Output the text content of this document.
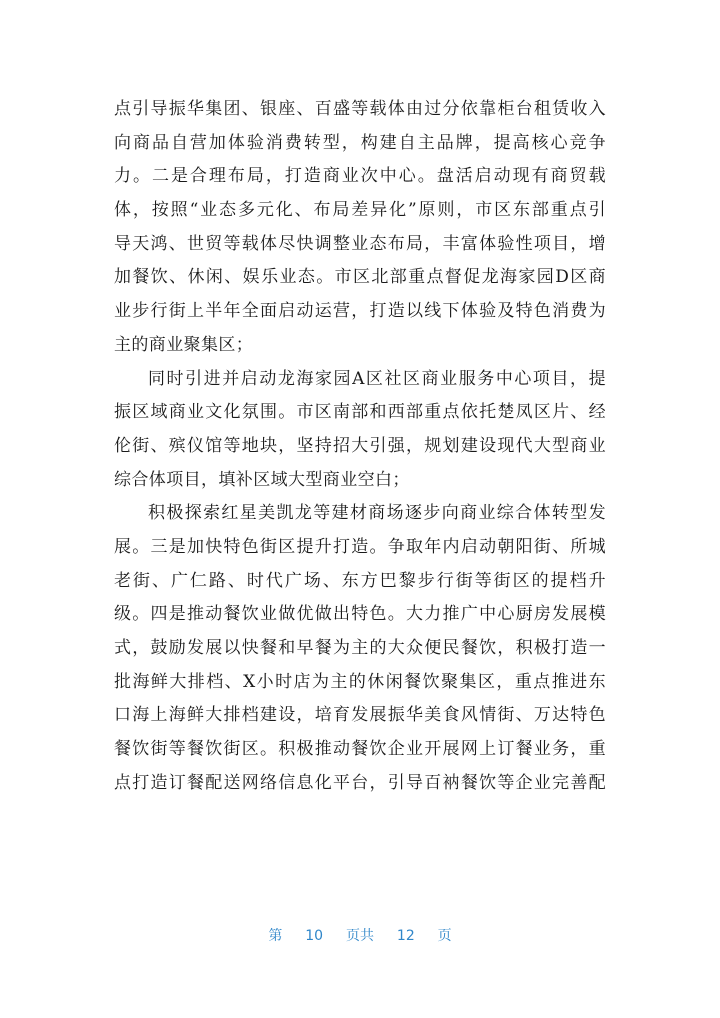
点引导振华集团、银座、百盛等载体由过分依靠柜台租赁收入
向商品自营加体验消费转型，构建自主品牌，提高核心竞争
力。二是合理布局，打造商业次中心。盘活启动现有商贸载
体，按照“业态多元化、布局差异化”原则，市区东部重点引
导天鸿、世贸等载体尽快调整业态布局，丰富体验性项目，增
加餐饮、休闲、娱乐业态。市区北部重点督促龙海家园D区商
业步行街上半年全面启动运营，打造以线下体验及特色消费为
主的商业聚集区；
同时引进并启动龙海家园A区社区商业服务中心项目，提
振区域商业文化氛围。市区南部和西部重点依托楚凤区片、经
伦街、殡仪馆等地块，坚持招大引强，规划建设现代大型商业
综合体项目，填补区域大型商业空白；
积极探索红星美凯龙等建材商场逐步向商业综合体转型发
展。三是加快特色街区提升打造。争取年内启动朝阳街、所城
老街、广仁路、时代广场、东方巴黎步行街等街区的提档升
级。四是推动餐饮业做优做出特色。大力推广中心厨房发展模
式，鼓励发展以快餐和早餐为主的大众便民餐饮，积极打造一
批海鲜大排档、X小时店为主的休闲餐饮聚集区，重点推进东
口海上海鲜大排档建设，培育发展振华美食风情街、万达特色
餐饮街等餐饮街区。积极推动餐饮企业开展网上订餐业务，重
点打造订餐配送网络信息化平台，引导百衲餐饮等企业完善配
第 10 页共 12 页
